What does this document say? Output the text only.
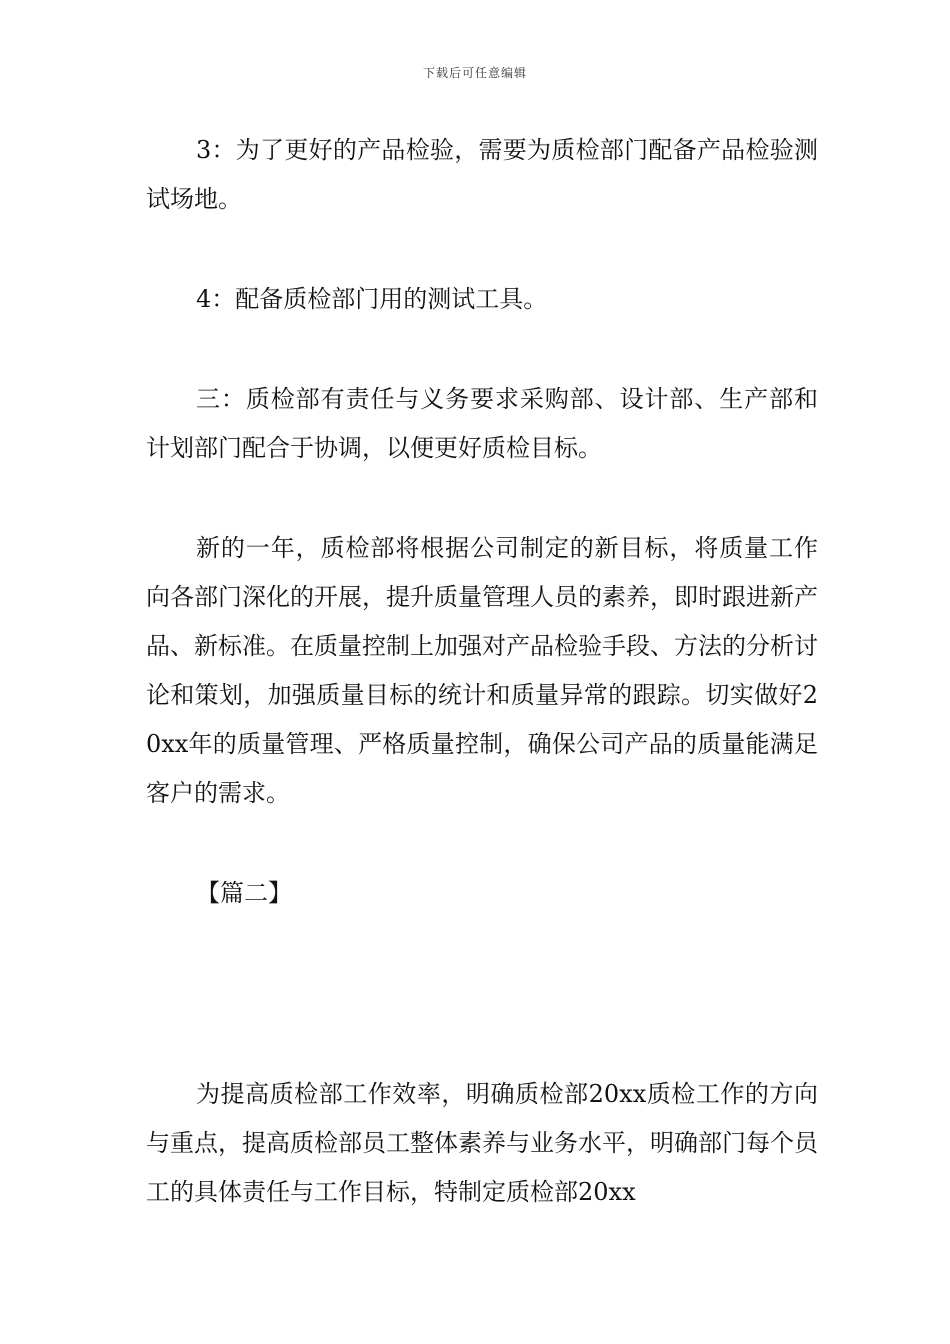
下载后可任意编辑

3：为了更好的产品检验，需要为质检部门配备产品检验测试场地。

4：配备质检部门用的测试工具。

三：质检部有责任与义务要求采购部、设计部、生产部和计划部门配合于协调，以便更好质检目标。

新的一年，质检部将根据公司制定的新目标，将质量工作向各部门深化的开展，提升质量管理人员的素养，即时跟进新产品、新标准。在质量控制上加强对产品检验手段、方法的分析讨论和策划，加强质量目标的统计和质量异常的跟踪。切实做好20xx年的质量管理、严格质量控制，确保公司产品的质量能满足客户的需求。

【篇二】

为提高质检部工作效率，明确质检部20xx质检工作的方向与重点，提高质检部员工整体素养与业务水平，明确部门每个员工的具体责任与工作目标，特制定质检部20xx
